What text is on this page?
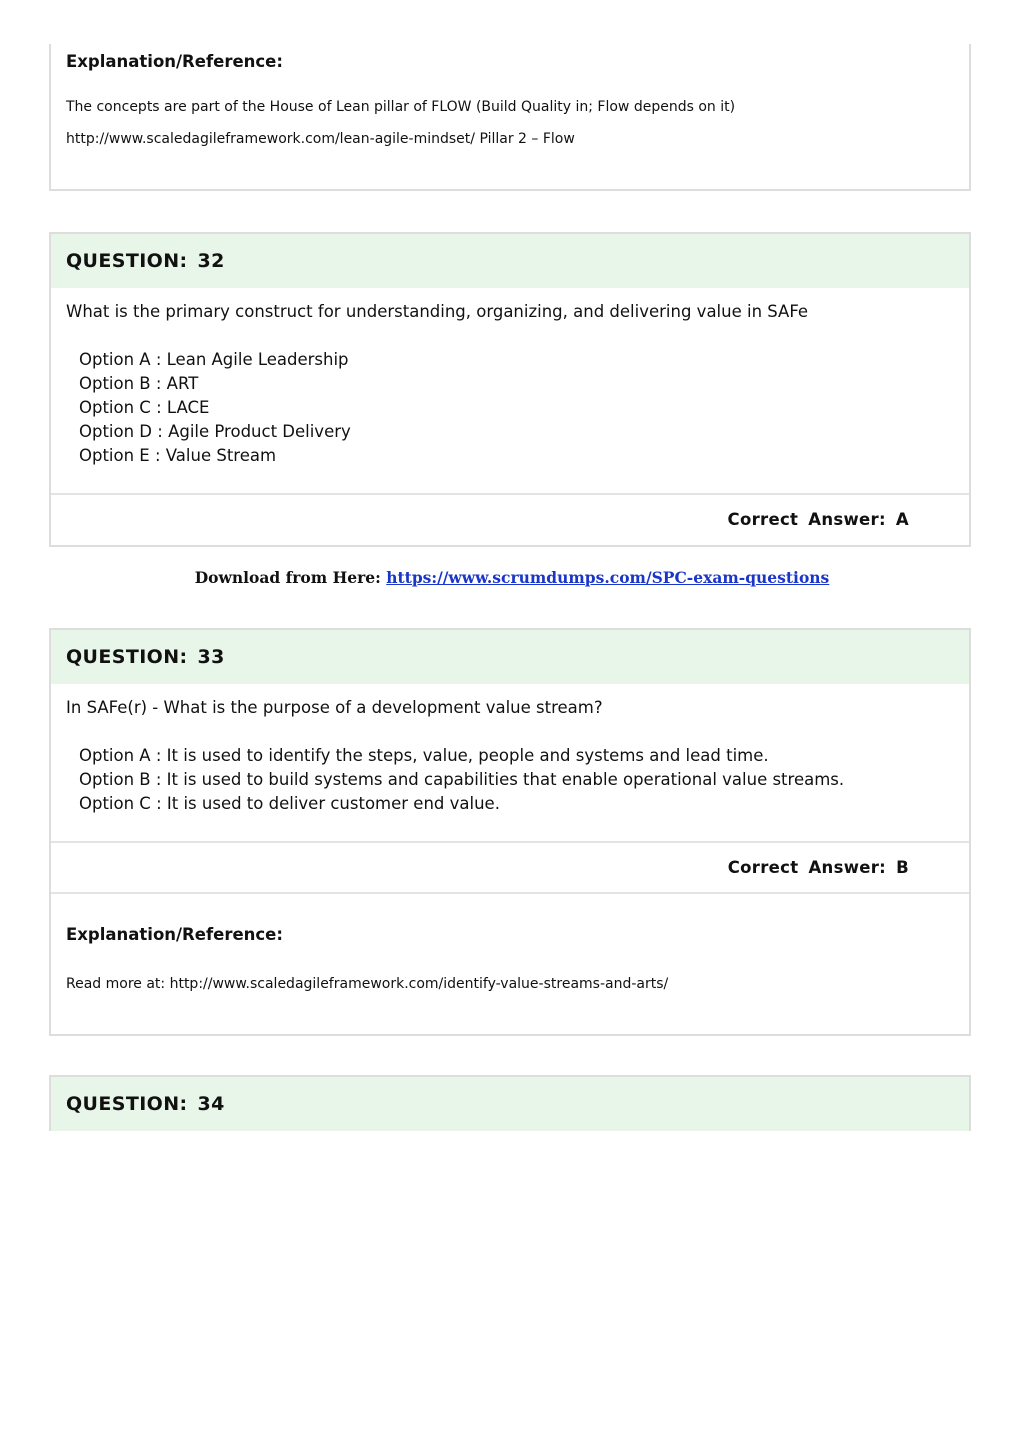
Explanation/Reference:

The concepts are part of the House of Lean pillar of FLOW (Build Quality in; Flow depends on it)

http://www.scaledagileframework.com/lean-agile-mindset/ Pillar 2 – Flow

QUESTION: 32

What is the primary construct for understanding, organizing, and delivering value in SAFe

Option A : Lean Agile Leadership
Option B : ART
Option C : LACE
Option D : Agile Product Delivery
Option E : Value Stream
Correct Answer: A
Download from Here: https://www.scrumdumps.com/SPC-exam-questions
QUESTION: 33

In SAFe(r) - What is the purpose of a development value stream?

Option A : It is used to identify the steps, value, people and systems and lead time.
Option B : It is used to build systems and capabilities that enable operational value streams.
Option C : It is used to deliver customer end value.
Correct Answer: B

Explanation/Reference:

Read more at: http://www.scaledagileframework.com/identify-value-streams-and-arts/

QUESTION: 34
